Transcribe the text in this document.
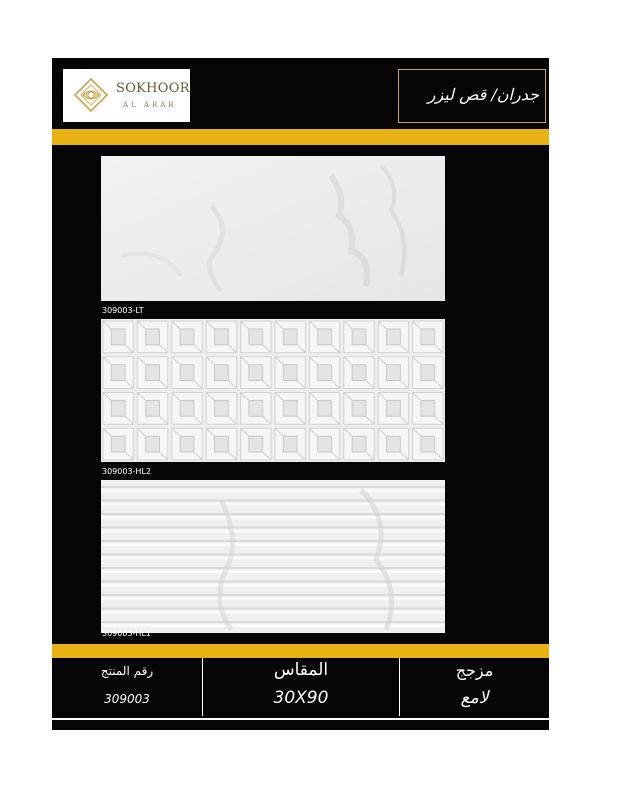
SOKHOOR
AL ARAB
جدران/ قص ليزر
309003-LT
309003-HL2
309003-HL1
رقم المنتج
309003
المقاس
30X90
مزجج
لامع
